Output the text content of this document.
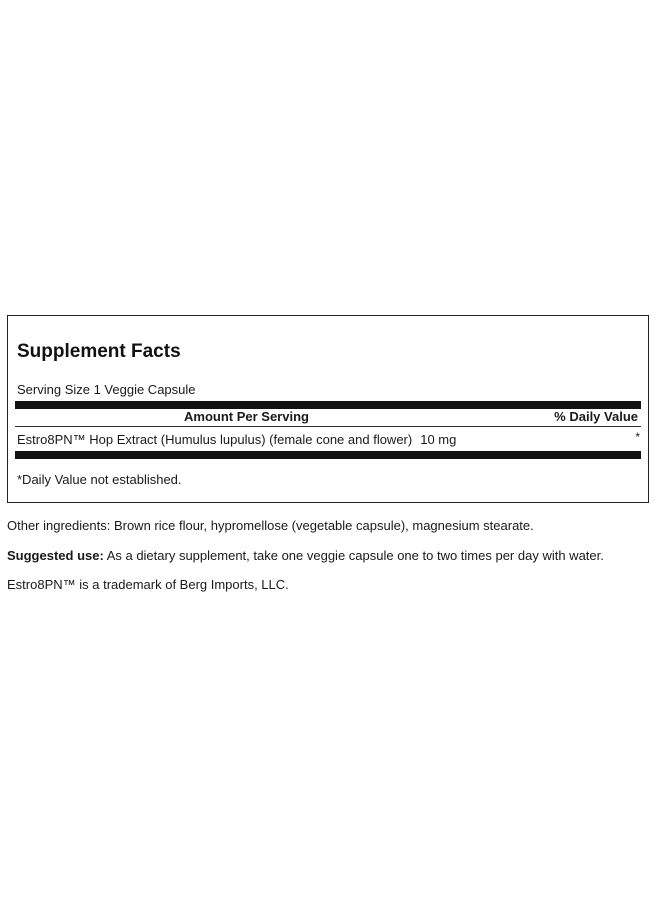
Supplement Facts
Serving Size 1 Veggie Capsule
Amount Per Serving	% Daily Value
Estro8PN™ Hop Extract (Humulus lupulus) (female cone and flower) 10 mg	*
*Daily Value not established.
Other ingredients: Brown rice flour, hypromellose (vegetable capsule), magnesium stearate.
Suggested use: As a dietary supplement, take one veggie capsule one to two times per day with water.
Estro8PN™ is a trademark of Berg Imports, LLC.
